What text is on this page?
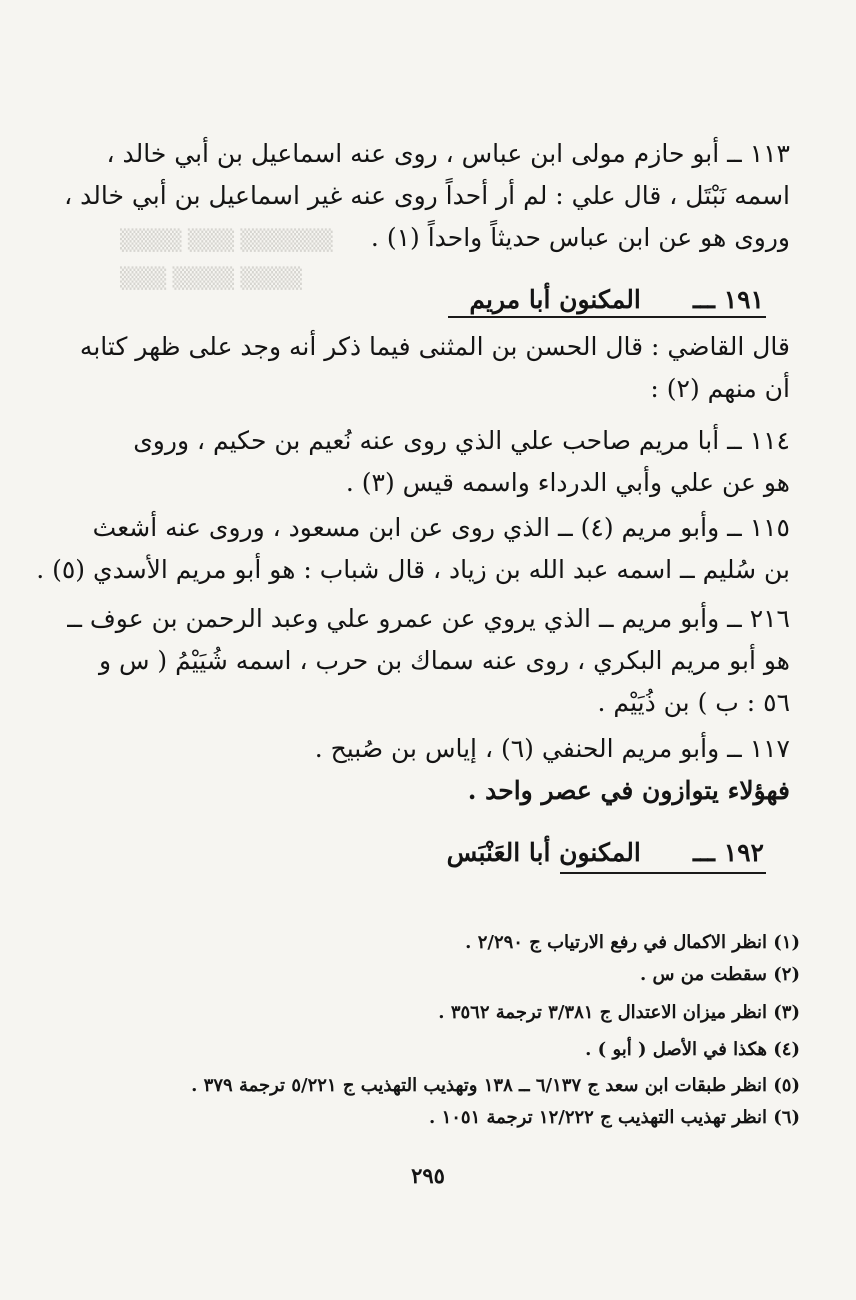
▒▒▒▒ ▒▒▒ ▒▒▒▒▒▒
▒▒▒ ▒▒▒▒ ▒▒▒▒
١١٣ ــ أبو حازم مولى ابن عباس ، روى عنه اسماعيل بن أبي خالد ،
اسمه نَبْتَل ، قال علي : لم أر أحداً روى عنه غير اسماعيل بن أبي خالد ،
وروى هو عن ابن عباس حديثاً واحداً (١) .
١٩١ ـــ      المكنون أبا مريم
قال القاضي : قال الحسن بن المثنى فيما ذكر أنه وجد على ظهر كتابه
أن منهم (٢) :
١١٤ ــ أبا مريم صاحب علي الذي روى عنه نُعيم بن حكيم ، وروى
هو عن علي وأبي الدرداء واسمه قيس (٣) .
١١٥ ــ وأبو مريم (٤) ــ الذي روى عن ابن مسعود ، وروى عنه أشعث
بن سُليم ــ اسمه عبد الله بن زياد ، قال شباب : هو أبو مريم الأسدي (٥) .
٢١٦ ــ وأبو مريم ــ الذي يروي عن عمرو علي وعبد الرحمن بن عوف ــ
هو أبو مريم البكري ، روى عنه سماك بن حرب ، اسمه شُيَيْمُ ( س و
٥٦ : ب ) بن ذُيَيْم .
١١٧ ــ وأبو مريم الحنفي (٦) ، إياس بن صُبيح .
فهؤلاء يتوازون في عصر واحد .
١٩٢ ـــ      المكنون أبا العَنْبَس
(١) انظر الاكمال في رفع الارتياب ج ٢/٢٩٠ .
(٢) سقطت من س .
(٣) انظر ميزان الاعتدال ج ٣/٣٨١ ترجمة ٣٥٦٢ .
(٤) هكذا في الأصل ( أبو ) .
(٥) انظر طبقات ابن سعد ج ٦/١٣٧ ــ ١٣٨ وتهذيب التهذيب ج ٥/٢٢١ ترجمة ٣٧٩ .
(٦) انظر تهذيب التهذيب ج ١٢/٢٢٢ ترجمة ١٠٥١ .
٢٩٥
